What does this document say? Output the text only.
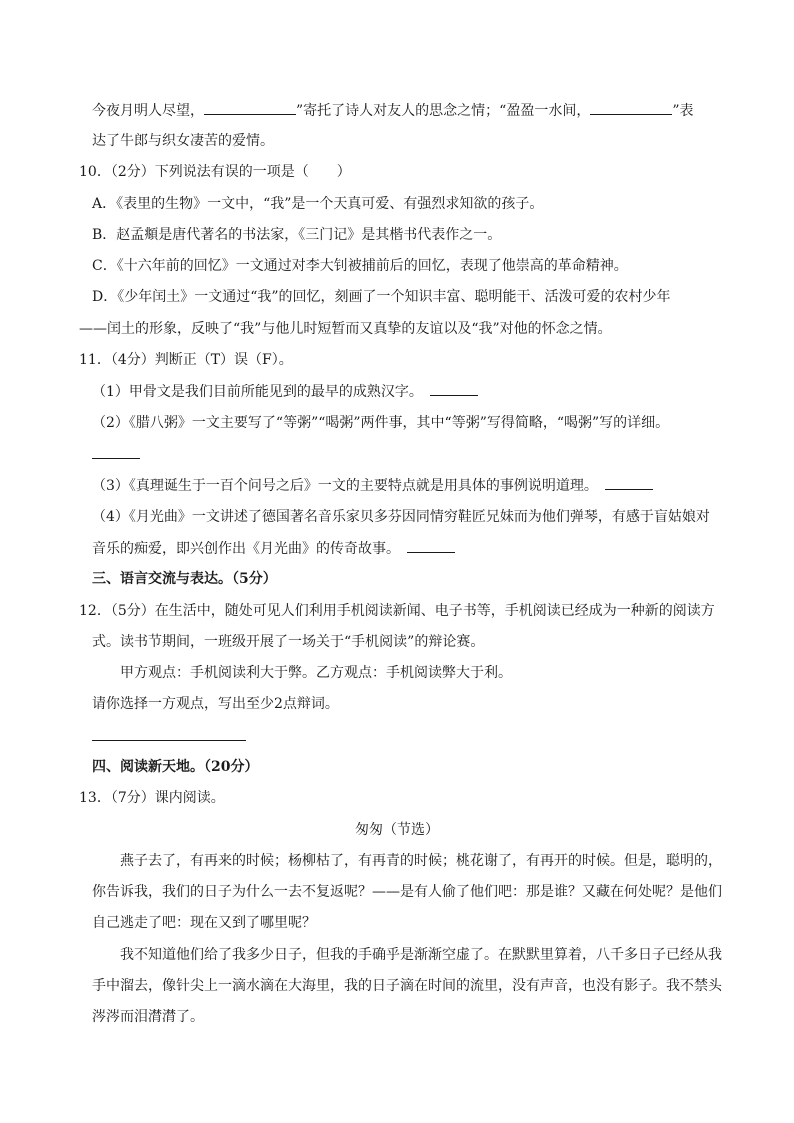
今夜月明人尽望，	”寄托了诗人对友人的思念之情；“盈盈一水间，	”表
达了牛郎与织女凄苦的爱情。
10．（2分）下列说法有误的一项是（　　）
A．《表里的生物》一文中，“我”是一个天真可爱、有强烈求知欲的孩子。
B．赵孟頫是唐代著名的书法家，《三门记》是其楷书代表作之一。
C．《十六年前的回忆》一文通过对李大钊被捕前后的回忆，表现了他崇高的革命精神。
D．《少年闰土》一文通过“我”的回忆，刻画了一个知识丰富、聪明能干、活泼可爱的农村少年
——闰土的形象，反映了“我”与他儿时短暂而又真挚的友谊以及“我”对他的怀念之情。
11．（4分）判断正（T）误（F）。
（1）甲骨文是我们目前所能见到的最早的成熟汉字。　
（2）《腊八粥》一文主要写了“等粥”“喝粥”两件事，其中“等粥”写得简略，“喝粥”写的详细。
（3）《真理诞生于一百个问号之后》一文的主要特点就是用具体的事例说明道理。　
（4）《月光曲》一文讲述了德国著名音乐家贝多芬因同情穷鞋匠兄妹而为他们弹琴，有感于盲姑娘对
音乐的痴爱，即兴创作出《月光曲》的传奇故事。　
三、语言交流与表达。（5分）
12．（5分）在生活中，随处可见人们利用手机阅读新闻、电子书等，手机阅读已经成为一种新的阅读方
式。读书节期间，一班级开展了一场关于“手机阅读”的辩论赛。
甲方观点：手机阅读利大于弊。乙方观点：手机阅读弊大于利。
请你选择一方观点，写出至少2点辩词。
四、阅读新天地。（20分）
13．（7分）课内阅读。
匆匆（节选）
燕子去了，有再来的时候；杨柳枯了，有再青的时候；桃花谢了，有再开的时候。但是，聪明的，
你告诉我，我们的日子为什么一去不复返呢？——是有人偷了他们吧：那是谁？又藏在何处呢？是他们
自己逃走了吧：现在又到了哪里呢？
我不知道他们给了我多少日子，但我的手确乎是渐渐空虚了。在默默里算着，八千多日子已经从我
手中溜去，像针尖上一滴水滴在大海里，我的日子滴在时间的流里，没有声音，也没有影子。我不禁头
涔涔而泪潸潸了。
